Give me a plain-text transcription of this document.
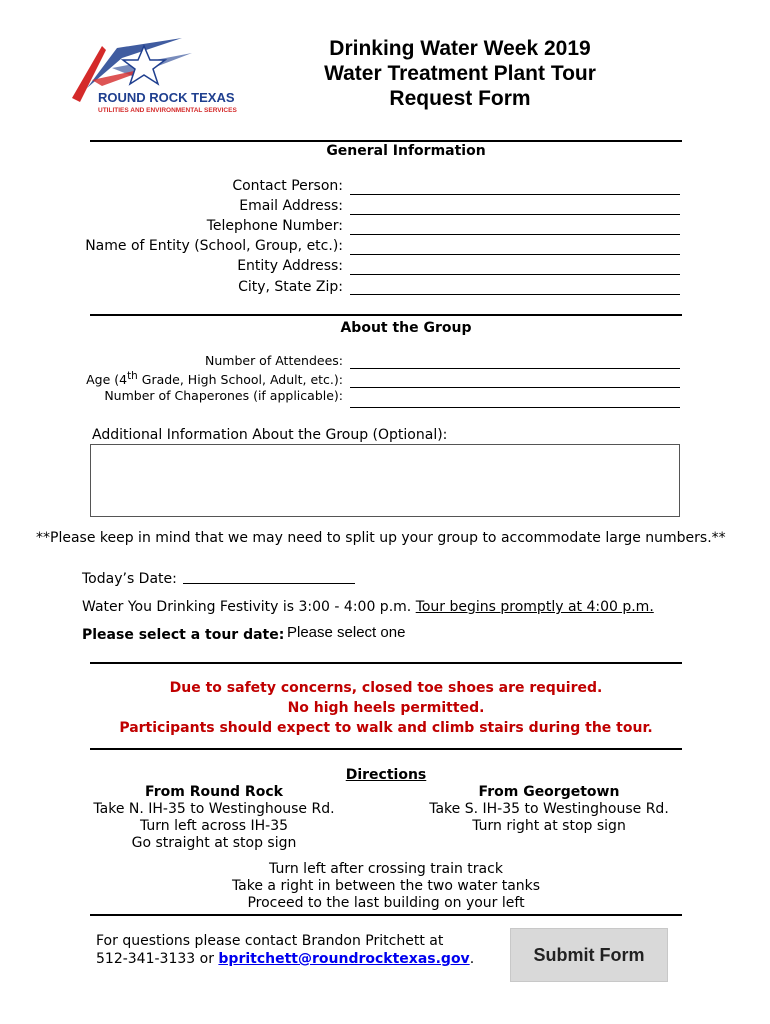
ROUND ROCK TEXAS
UTILITIES AND ENVIRONMENTAL SERVICES
Drinking Water Week 2019
Water Treatment Plant Tour
Request Form
General Information
Contact Person:
Email Address:
Telephone Number:
Name of Entity (School, Group, etc.):
Entity Address:
City, State Zip:
About the Group
Number of Attendees:
Age (4th Grade, High School, Adult, etc.):
Number of Chaperones (if applicable):
Additional Information About the Group (Optional):
**Please keep in mind that we may need to split up your group to accommodate large numbers.**
Today’s Date:
Water You Drinking Festivity is 3:00 - 4:00 p.m. Tour begins promptly at 4:00 p.m.
Please select a tour date: Please select one
Due to safety concerns, closed toe shoes are required.
No high heels permitted.
Participants should expect to walk and climb stairs during the tour.
Directions
From Round Rock
Take N. IH-35 to Westinghouse Rd.
Turn left across IH-35
Go straight at stop sign
From Georgetown
Take S. IH-35 to Westinghouse Rd.
Turn right at stop sign
Turn left after crossing train track
Take a right in between the two water tanks
Proceed to the last building on your left
For questions please contact Brandon Pritchett at
512-341-3133 or bpritchett@roundrocktexas.gov.	Submit Form
